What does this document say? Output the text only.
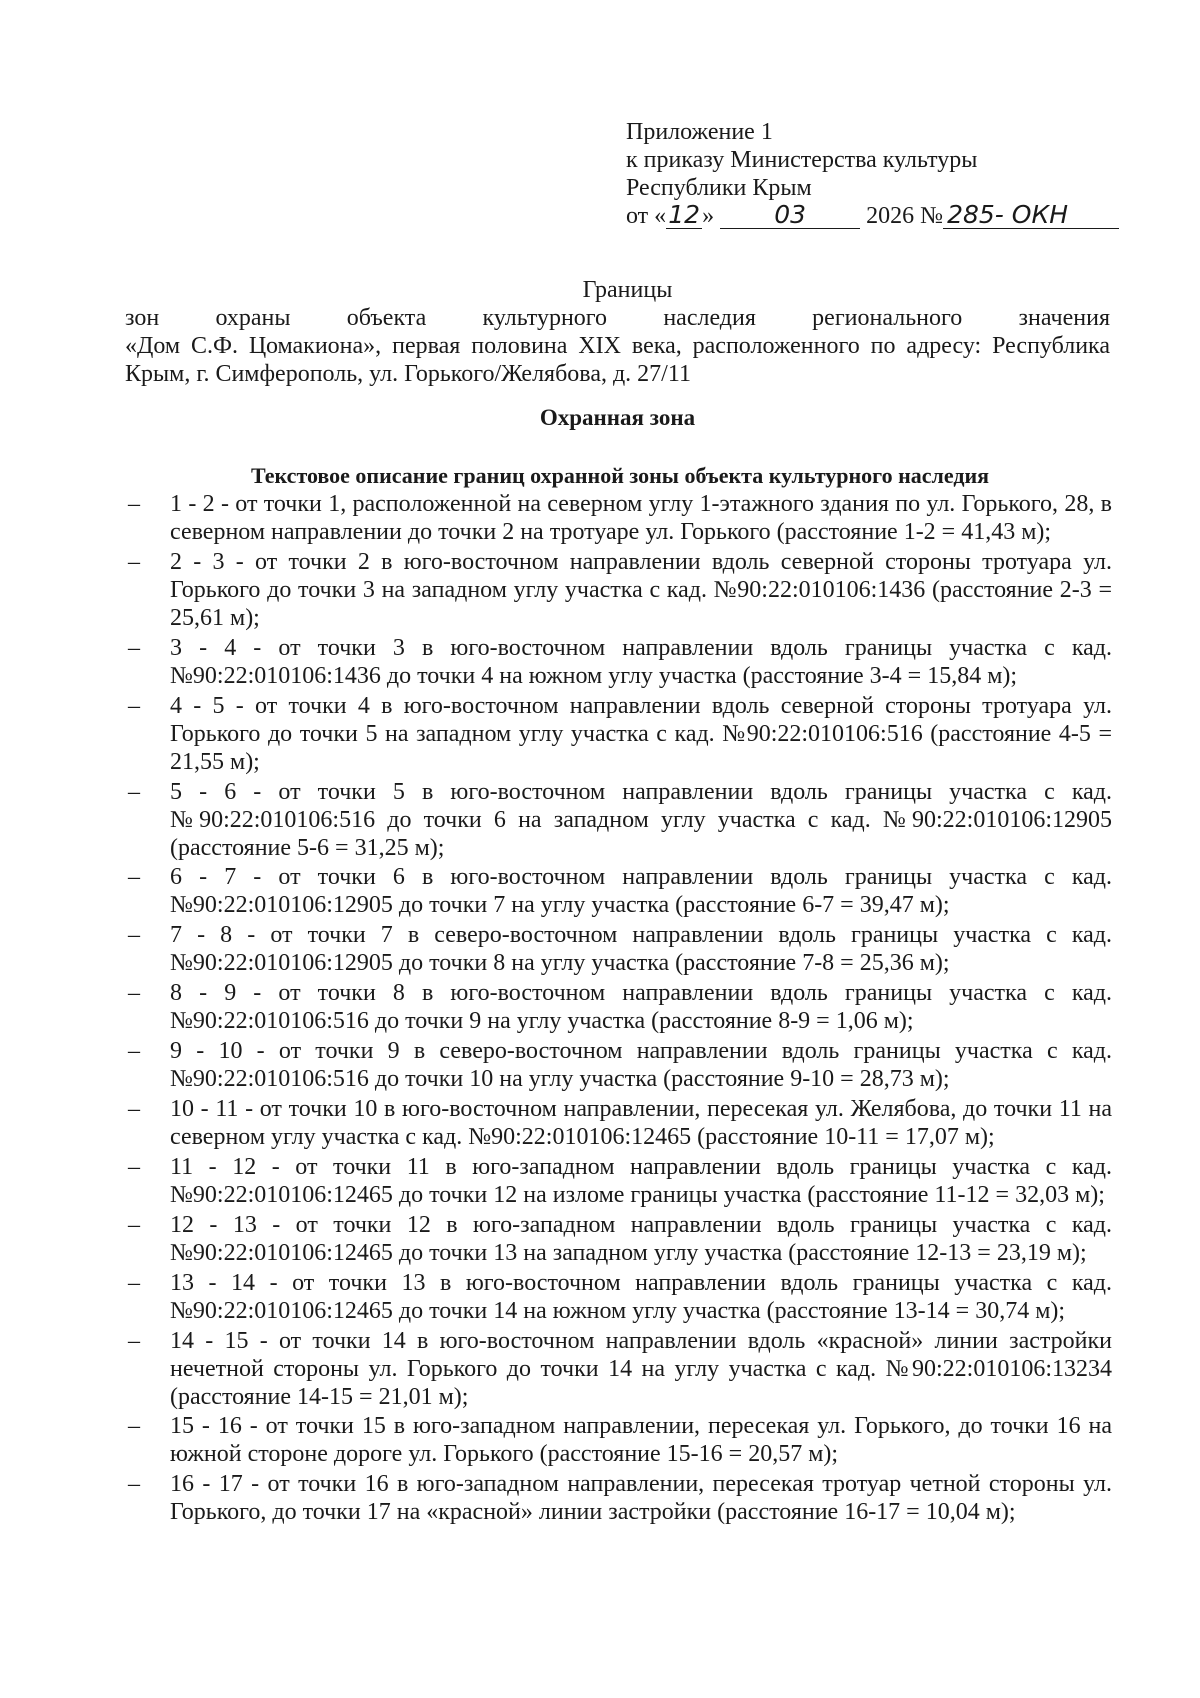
Приложение 1
к приказу Министерства культуры
Республики Крым
от «12» 03	2026 № 285- ОКН
Границы
зон охраны объекта культурного наследия регионального значения
«Дом С.Ф. Цомакиона», первая половина XIX века, расположенного по адресу: Республика Крым, г. Симферополь, ул. Горького/Желябова, д. 27/11
Охранная зона
Текстовое описание границ охранной зоны объекта культурного наследия
– 1 - 2 - от точки 1, расположенной на северном углу 1-этажного здания по ул. Горького, 28, в северном направлении до точки 2 на тротуаре ул. Горького (расстояние 1-2 = 41,43 м);
– 2 - 3 - от точки 2 в юго-восточном направлении вдоль северной стороны тротуара ул. Горького до точки 3 на западном углу участка с кад. №90:22:010106:1436 (расстояние 2-3 = 25,61 м);
– 3 - 4 - от точки 3 в юго-восточном направлении вдоль границы участка с кад. №90:22:010106:1436 до точки 4 на южном углу участка (расстояние 3-4 = 15,84 м);
– 4 - 5 - от точки 4 в юго-восточном направлении вдоль северной стороны тротуара ул. Горького до точки 5 на западном углу участка с кад. №90:22:010106:516 (расстояние 4-5 = 21,55 м);
– 5 - 6 - от точки 5 в юго-восточном направлении вдоль границы участка с кад. №90:22:010106:516 до точки 6 на западном углу участка с кад. №90:22:010106:12905 (расстояние 5-6 = 31,25 м);
– 6 - 7 - от точки 6 в юго-восточном направлении вдоль границы участка с кад. №90:22:010106:12905 до точки 7 на углу участка (расстояние 6-7 = 39,47 м);
– 7 - 8 - от точки 7 в северо-восточном направлении вдоль границы участка с кад. №90:22:010106:12905 до точки 8 на углу участка (расстояние 7-8 = 25,36 м);
– 8 - 9 - от точки 8 в юго-восточном направлении вдоль границы участка с кад. №90:22:010106:516 до точки 9 на углу участка (расстояние 8-9 = 1,06 м);
– 9 - 10 - от точки 9 в северо-восточном направлении вдоль границы участка с кад. №90:22:010106:516 до точки 10 на углу участка (расстояние 9-10 = 28,73 м);
– 10 - 11 - от точки 10 в юго-восточном направлении, пересекая ул. Желябова, до точки 11 на северном углу участка с кад. №90:22:010106:12465 (расстояние 10-11 = 17,07 м);
– 11 - 12 - от точки 11 в юго-западном направлении вдоль границы участка с кад. №90:22:010106:12465 до точки 12 на изломе границы участка (расстояние 11-12 = 32,03 м);
– 12 - 13 - от точки 12 в юго-западном направлении вдоль границы участка с кад. №90:22:010106:12465 до точки 13 на западном углу участка (расстояние 12-13 = 23,19 м);
– 13 - 14 - от точки 13 в юго-восточном направлении вдоль границы участка с кад. №90:22:010106:12465 до точки 14 на южном углу участка (расстояние 13-14 = 30,74 м);
– 14 - 15 - от точки 14 в юго-восточном направлении вдоль «красной» линии застройки нечетной стороны ул. Горького до точки 14 на углу участка с кад. №90:22:010106:13234 (расстояние 14-15 = 21,01 м);
– 15 - 16 - от точки 15 в юго-западном направлении, пересекая ул. Горького, до точки 16 на южной стороне дороге ул. Горького (расстояние 15-16 = 20,57 м);
– 16 - 17 - от точки 16 в юго-западном направлении, пересекая тротуар четной стороны ул. Горького, до точки 17 на «красной» линии застройки (расстояние 16-17 = 10,04 м);
